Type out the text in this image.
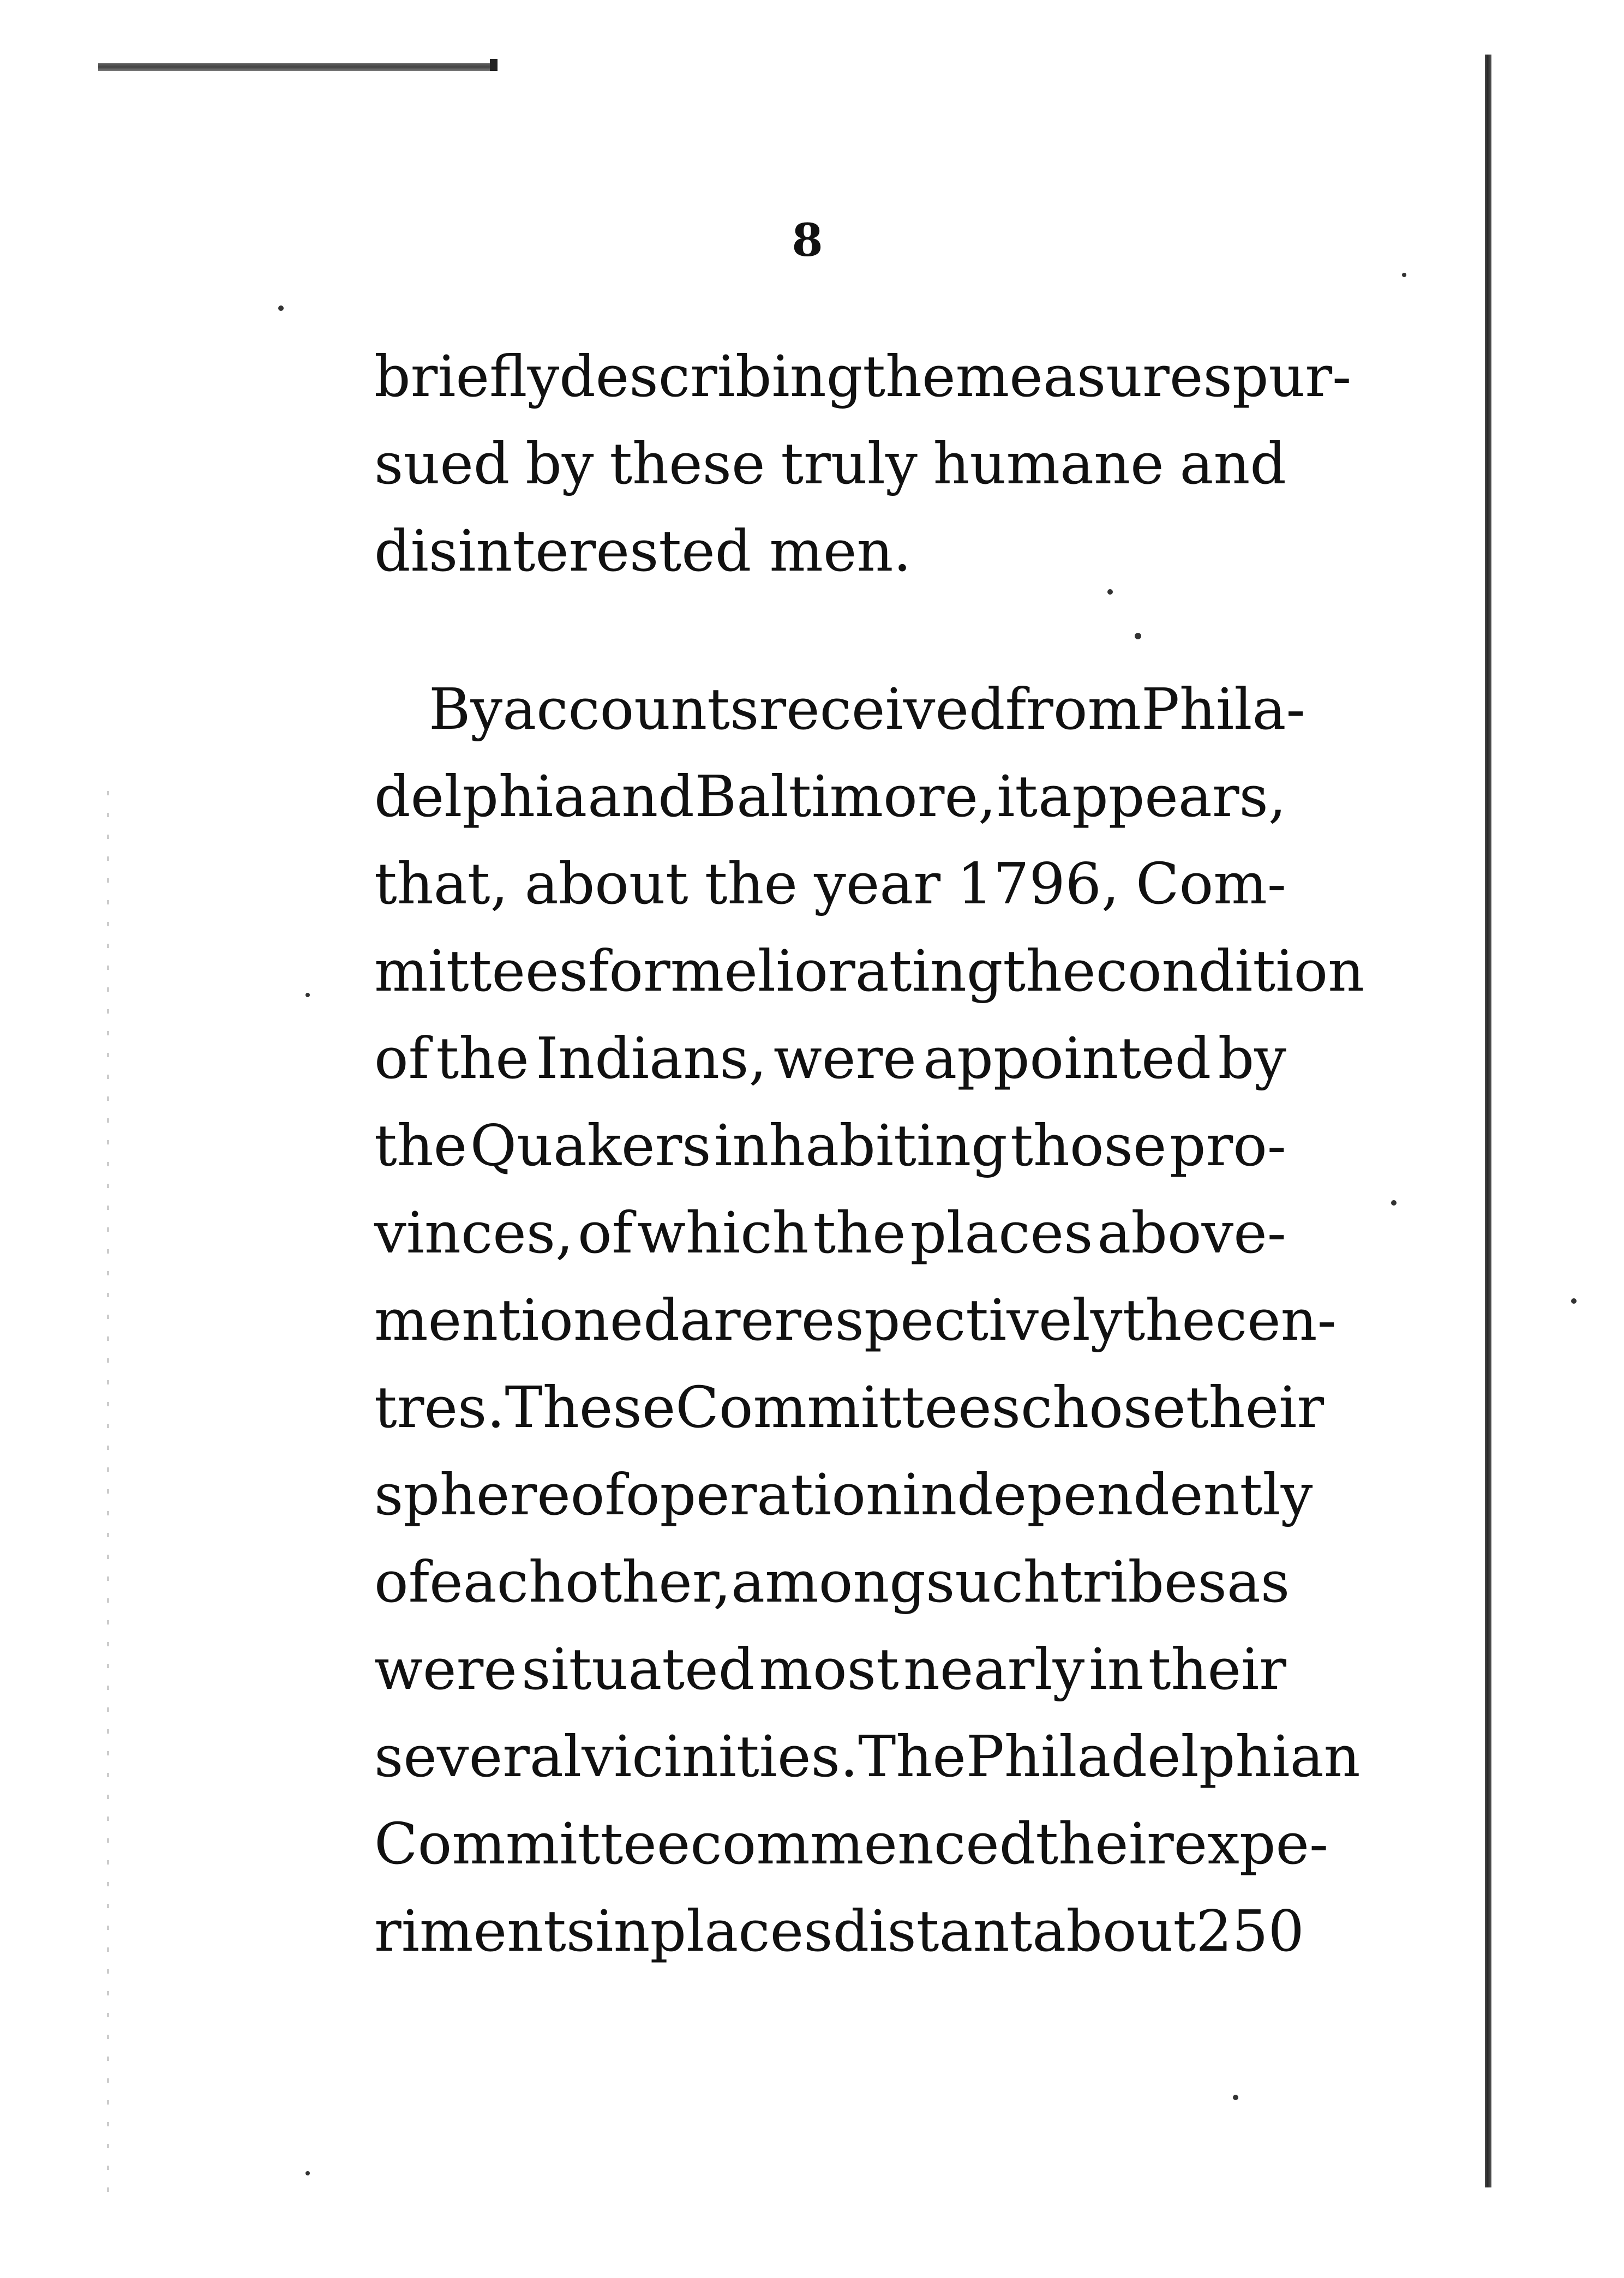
8
briefly describing the measures pur-
sued by these truly humane and
disinterested men.
By accounts received from Phila-
delphia and Baltimore, it appears,
that, about the year 1796, Com-
mittees for meliorating the condition
of the Indians, were appointed by
the Quakers inhabiting those pro-
vinces, of which the places above-
mentioned are respectively the cen-
tres. These Committees chose their
sphere of operation independently
of each other, among such tribes as
were situated most nearly in their
several vicinities. The Philadelphian
Committee commenced their expe-
riments in places distant about 250
